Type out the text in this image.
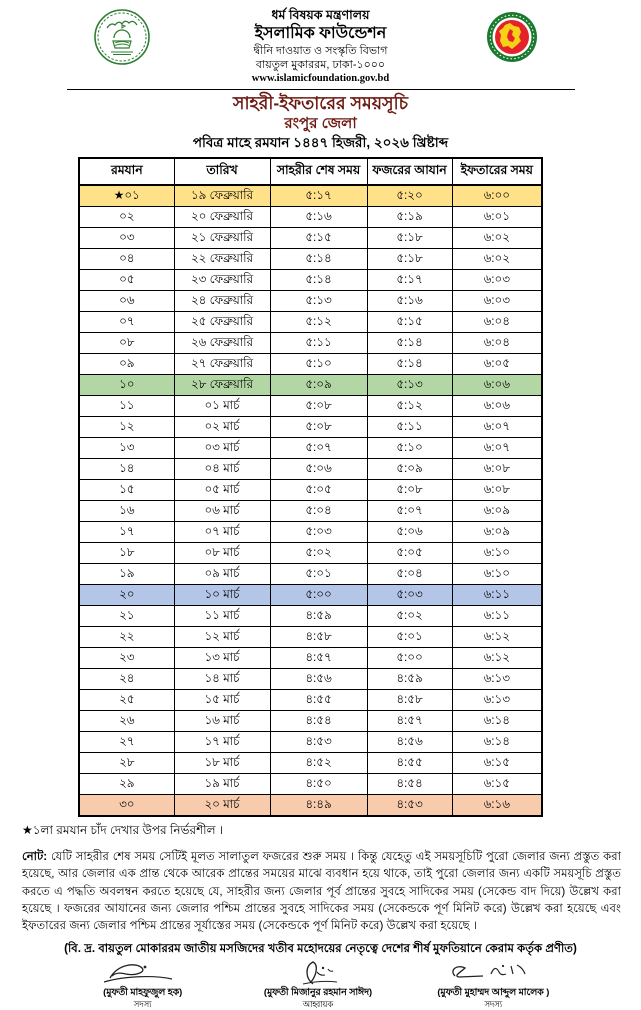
ধর্ম বিষয়ক মন্ত্রণালয়
ইসলামিক ফাউন্ডেশন
দ্বীনি দাওয়াত ও সংস্কৃতি বিভাগ
বায়তুল মুকাররম, ঢাকা-১০০০
www.islamicfoundation.gov.bd
সাহরী-ইফতারের সময়সূচি
রংপুর জেলা
পবিত্র মাহে রমযান ১৪৪৭ হিজরী, ২০২৬ খ্রিষ্টাব্দ
রমযান	তারিখ	সাহরীর শেষ সময়	ফজরের আযান	ইফতারের সময়
★০১	১৯ ফেব্রুয়ারি	৫:১৭	৫:২০	৬:০০
০২	২০ ফেব্রুয়ারি	৫:১৬	৫:১৯	৬:০১
০৩	২১ ফেব্রুয়ারি	৫:১৫	৫:১৮	৬:০২
০৪	২২ ফেব্রুয়ারি	৫:১৪	৫:১৮	৬:০২
০৫	২৩ ফেব্রুয়ারি	৫:১৪	৫:১৭	৬:০৩
০৬	২৪ ফেব্রুয়ারি	৫:১৩	৫:১৬	৬:০৩
০৭	২৫ ফেব্রুয়ারি	৫:১২	৫:১৫	৬:০৪
০৮	২৬ ফেব্রুয়ারি	৫:১১	৫:১৪	৬:০৪
০৯	২৭ ফেব্রুয়ারি	৫:১০	৫:১৪	৬:০৫
১০	২৮ ফেব্রুয়ারি	৫:০৯	৫:১৩	৬:০৬
১১	০১ মার্চ	৫:০৮	৫:১২	৬:০৬
১২	০২ মার্চ	৫:০৮	৫:১১	৬:০৭
১৩	০৩ মার্চ	৫:০৭	৫:১০	৬:০৭
১৪	০৪ মার্চ	৫:০৬	৫:০৯	৬:০৮
১৫	০৫ মার্চ	৫:০৫	৫:০৮	৬:০৮
১৬	০৬ মার্চ	৫:০৪	৫:০৭	৬:০৯
১৭	০৭ মার্চ	৫:০৩	৫:০৬	৬:০৯
১৮	০৮ মার্চ	৫:০২	৫:০৫	৬:১০
১৯	০৯ মার্চ	৫:০১	৫:০৪	৬:১০
২০	১০ মার্চ	৫:০০	৫:০৩	৬:১১
২১	১১ মার্চ	৪:৫৯	৫:০২	৬:১১
২২	১২ মার্চ	৪:৫৮	৫:০১	৬:১২
২৩	১৩ মার্চ	৪:৫৭	৫:০০	৬:১২
২৪	১৪ মার্চ	৪:৫৬	৪:৫৯	৬:১৩
২৫	১৫ মার্চ	৪:৫৫	৪:৫৮	৬:১৩
২৬	১৬ মার্চ	৪:৫৪	৪:৫৭	৬:১৪
২৭	১৭ মার্চ	৪:৫৩	৪:৫৬	৬:১৪
২৮	১৮ মার্চ	৪:৫২	৪:৫৫	৬:১৫
২৯	১৯ মার্চ	৪:৫০	৪:৫৪	৬:১৫
৩০	২০ মার্চ	৪:৪৯	৪:৫৩	৬:১৬
★১লা রমযান চাঁদ দেখার উপর নির্ভরশীল ।
নোট: যেটি সাহরীর শেষ সময় সেটিই মূলত সালাতুল ফজরের শুরু সময় । কিন্তু যেহেতু এই সময়সূচিটি পুরো জেলার জন্য প্রস্তুত করা হয়েছে, আর জেলার এক প্রান্ত থেকে আরেক প্রান্তের সময়ের মাঝে ব্যবধান হয়ে থাকে, তাই পুরো জেলার জন্য একটি সময়সূচি প্রস্তুত করতে এ পদ্ধতি অবলম্বন করতে হয়েছে যে, সাহরীর জন্য জেলার পূর্ব প্রান্তের সুবহে সাদিকের সময় (সেকেন্ড বাদ দিয়ে) উল্লেখ করা হয়েছে । ফজরের আযানের জন্য জেলার পশ্চিম প্রান্তের সুবহে সাদিকের সময় (সেকেন্ডকে পূর্ণ মিনিট করে) উল্লেখ করা হয়েছে এবং ইফতারের জন্য জেলার পশ্চিম প্রান্তের সূর্যাস্তের সময় (সেকেন্ডকে পূর্ণ মিনিট করে) উল্লেখ করা হয়েছে ।
(বি. দ্র. বায়তুল মোকাররম জাতীয় মসজিদের খতীব মহোদয়ের নেতৃত্বে দেশের শীর্ষ মুফতিয়ানে কেরাম কর্তৃক প্রণীত)
(মুফতী মাহফুজুল হক)
সদস্য
(মুফতী মিজানুর রহমান সাঈদ)
আহ্বায়ক
(মুফতী মুহাম্মদ আব্দুল মালেক )
সদস্য
